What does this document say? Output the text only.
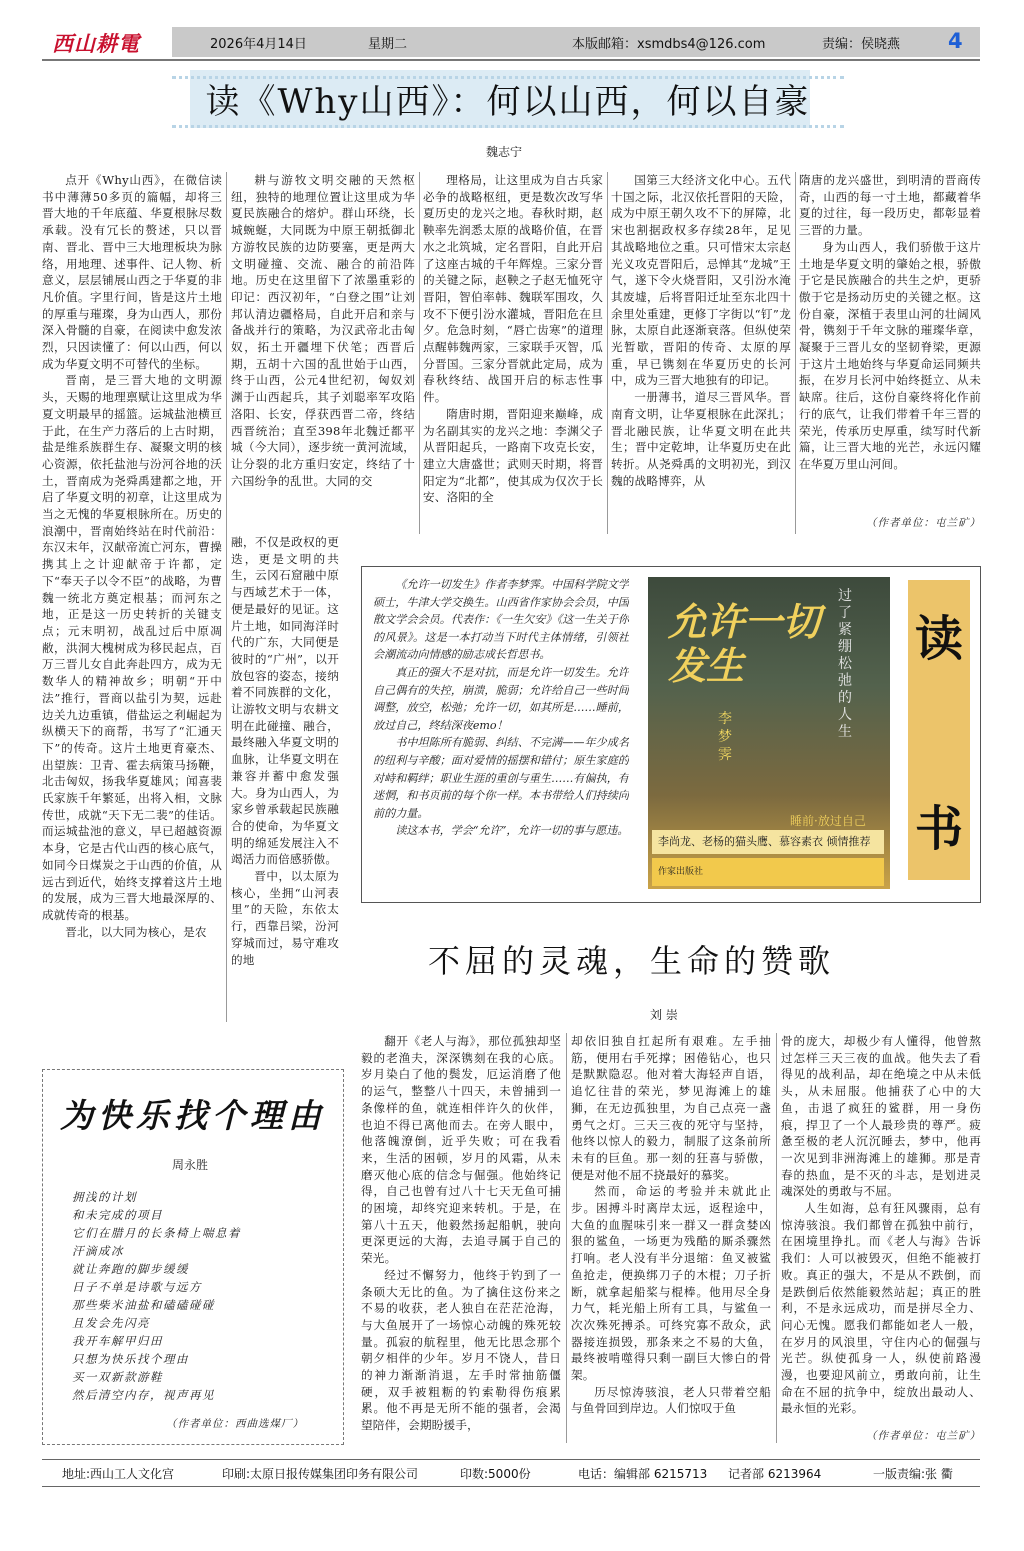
西山耕電	2026年4月14日	星期二	本版邮箱：xsmdbs4@126.com	责编：侯晓燕 4
读《Why山西》：何以山西，何以自豪
魏志宁

点开《Why山西》，在微信读书中薄薄50多页的篇幅，却将三晋大地的千年底蕴、华夏根脉尽数承载。没有冗长的赘述，只以晋南、晋北、晋中三大地理板块为脉络，用地理、述事件、记人物、析意义，层层铺展山西之于华夏的非凡价值。字里行间，皆是这片土地的厚重与璀璨，身为山西人，那份深入骨髓的自豪，在阅读中愈发浓烈，只因读懂了：何以山西，何以成为华夏文明不可替代的坐标。

晋南，是三晋大地的文明源头，天赐的地理禀赋让这里成为华夏文明最早的摇篮。运城盐池横亘于此，在生产力落后的上古时期，盐是维系族群生存、凝聚文明的核心资源，依托盐池与汾河谷地的沃土，晋南成为尧舜禹建都之地，开启了华夏文明的初章，让这里成为当之无愧的华夏根脉所在。历史的浪潮中，晋南始终站在时代前沿：东汉末年，汉献帝流亡河东，曹操携其上之计迎献帝于许都，定下“奉天子以令不臣”的战略，为曹魏一统北方奠定根基；而河东之地，正是这一历史转折的关键支点；元末明初，战乱过后中原凋敝，洪洞大槐树成为移民起点，百万三晋儿女自此奔赴四方，成为无数华人的精神故乡；明朝“开中法”推行，晋商以盐引为契，远赴边关九边重镇，借盐运之利崛起为纵横天下的商帮，书写了“汇通天下”的传奇。这片土地更育豪杰、出望族：卫青、霍去病策马扬鞭，北击匈奴，扬我华夏雄风；闻喜裴氏家族千年繁延，出将入相，文脉传世，成就“天下无二裴”的佳话。而运城盐池的意义，早已超越资源本身，它是古代山西的核心底气，如同今日煤炭之于山西的价值，从远古到近代，始终支撑着这片土地的发展，成为三晋大地最深厚的、成就传奇的根基。

晋北，以大同为核心，是农

耕与游牧文明交融的天然枢纽，独特的地理位置让这里成为华夏民族融合的熔炉。群山环绕，长城蜿蜒，大同既为中原王朝抵御北方游牧民族的边防要塞，更是两大文明碰撞、交流、融合的前沿阵地。历史在这里留下了浓墨重彩的印记：西汉初年，“白登之围”让刘邦认清边疆格局，自此开启和亲与备战并行的策略，为汉武帝北击匈奴，拓土开疆埋下伏笔；西晋后期，五胡十六国的乱世始于山西，终于山西，公元4世纪初，匈奴刘渊于山西起兵，其子刘聪率军攻陷洛阳、长安，俘获西晋二帝，终结西晋统治；直至398年北魏迁都平城（今大同），逐步统一黄河流域，让分裂的北方重归安定，终结了十六国纷争的乱世。大同的交

融，不仅是政权的更迭，更是文明的共生，云冈石窟融中原与西域艺术于一体，便是最好的见证。这片土地，如同海洋时代的广东，大同便是彼时的“广州”，以开放包容的姿态，接纳着不同族群的文化，让游牧文明与农耕文明在此碰撞、融合，最终融入华夏文明的血脉，让华夏文明在兼容并蓄中愈发强大。身为山西人，为家乡曾承载起民族融合的使命，为华夏文明的绵延发展注入不竭活力而倍感骄傲。

晋中，以太原为核心，坐拥“山河表里”的天险，东依太行，西靠吕梁，汾河穿城而过，易守难攻的地

理格局，让这里成为自古兵家必争的战略枢纽，更是数次改写华夏历史的龙兴之地。春秋时期，赵鞅率先润悉太原的战略价值，在晋水之北筑城，定名晋阳，自此开启了这座古城的千年辉煌。三家分晋的关键之际，赵鞅之子赵无恤死守晋阳，智伯率韩、魏联军围攻，久攻不下便引汾水灌城，晋阳危在旦夕。危急时刻，“唇亡齿寒”的道理点醒韩魏两家，三家联手灭智，瓜分晋国。三家分晋就此定局，成为春秋终结、战国开启的标志性事件。

隋唐时期，晋阳迎来巅峰，成为名副其实的龙兴之地：李渊父子从晋阳起兵，一路南下攻克长安，建立大唐盛世；武则天时期，将晋阳定为“北都”，使其成为仅次于长安、洛阳的全

国第三大经济文化中心。五代十国之际，北汉依托晋阳的天险，成为中原王朝久攻不下的屏障，北宋也割据政权多存续28年，足见其战略地位之重。只可惜宋太宗赵光义攻克晋阳后，忌惮其“龙城”王气，遂下令火烧晋阳，又引汾水淹其废墟，后将晋阳迁址至东北四十余里处重建，更修丁字街以“钉”龙脉，太原自此逐渐衰落。但纵使荣光暂歇，晋阳的传奇、太原的厚重，早已镌刻在华夏历史的长河中，成为三晋大地独有的印记。

一册薄书，道尽三晋风华。晋南育文明，让华夏根脉在此深扎；晋北融民族，让华夏文明在此共生；晋中定乾坤，让华夏历史在此转折。从尧舜禹的文明初光，到汉魏的战略博弈，从

隋唐的龙兴盛世，到明清的晋商传奇，山西的每一寸土地，都藏着华夏的过往，每一段历史，都彰显着三晋的力量。

身为山西人，我们骄傲于这片土地是华夏文明的肇始之根，骄傲于它是民族融合的共生之炉，更骄傲于它是扬动历史的关键之枢。这份自豪，深植于表里山河的壮阔风骨，镌刻于千年文脉的璀璨华章，凝聚于三晋儿女的坚韧脊梁，更源于这片土地始终与华夏命运同频共振，在岁月长河中始终挺立、从未缺席。往后，这份自豪终将化作前行的底气，让我们带着千年三晋的荣光，传承历史厚重，续写时代新篇，让三晋大地的光芒，永远闪耀在华夏万里山河间。

（作者单位：屯兰矿）

《允许一切发生》作者李梦霁。中国科学院文学硕士，牛津大学交换生。山西省作家协会会员，中国散文学会会员。代表作：《一生欠安》《这一生关于你的风景》。这是一本打动当下时代主体情绪，引领社会潮流动向情感的励志成长哲思书。

真正的强大不是对抗，而是允许一切发生。允许自己偶有的失控，崩溃，脆弱；允许给自己一些时间调整，放空，松弛；允许一切，如其所是……睡前，放过自己，终结深夜emo！

书中坦陈所有脆弱、纠结、不完满——年少成名的纽利与辛酸；面对爱情的摇摆和错付；原生家庭的对峙和羁绊；职业生涯的重创与重生……有偏执，有迷惘，和书页前的每个你一样。本书带给人们持续向前的力量。

读这本书，学会“允许”，允许一切的事与愿违。

允许一切发生
过了紧绷松弛的人生
李梦霁
睡前·放过自己
李尚龙、老杨的猫头鹰、慕容素衣 倾情推荐
作家出版社
读
书
不屈的灵魂，生命的赞歌
刘 崇

翻开《老人与海》，那位孤独却坚毅的老渔夫，深深镌刻在我的心底。岁月染白了他的鬓发，厄运消磨了他的运气，整整八十四天，未曾捕到一条像样的鱼，就连相伴许久的伙伴，也迫不得已离他而去。在旁人眼中，他落魄潦倒，近乎失败；可在我看来，生活的困顿，岁月的风霜，从未磨灭他心底的信念与倔强。他始终记得，自己也曾有过八十七天无鱼可捕的困境，却终究迎来转机。于是，在第八十五天，他毅然扬起船帆，驶向更深更远的大海，去追寻属于自己的荣光。

经过不懈努力，他终于钓到了一条硕大无比的鱼。为了擒住这份来之不易的收获，老人独自在茫茫沧海，与大鱼展开了一场惊心动魄的殊死较量。孤寂的航程里，他无比思念那个朝夕相伴的少年。岁月不饶人，昔日的神力渐渐消退，左手时常抽筋僵硬，双手被粗粝的钓索勒得伤痕累累。他不再是无所不能的强者，会渴望陪伴，会期盼援手，

却依旧独自扛起所有艰难。左手抽筋，便用右手死撑；困倦钻心，也只是默默隐忍。他对着大海轻声自语，追忆往昔的荣光，梦见海滩上的雄狮，在无边孤独里，为自己点亮一盏勇气之灯。三天三夜的死守与坚持，他终以惊人的毅力，制服了这条前所未有的巨鱼。那一刻的狂喜与骄傲，便是对他不屈不挠最好的慕奖。

然而，命运的考验并未就此止步。困搏斗时离岸太远，返程途中，大鱼的血腥味引来一群又一群贪婪凶狠的鲨鱼，一场更为残酷的厮杀骤然打响。老人没有半分退缩：鱼叉被鲨鱼抢走，便换绑刀子的木棍；刀子折断，就拿起船桨与棍棒。他用尽全身力气，耗光船上所有工具，与鲨鱼一次次殊死搏杀。可终究寡不敌众，武器接连损毁，那条来之不易的大鱼，最终被啃噬得只剩一副巨大惨白的骨架。

历尽惊涛骇浪，老人只带着空船与鱼骨回到岸边。人们惊叹于鱼

骨的庞大，却极少有人懂得，他曾熬过怎样三天三夜的血战。他失去了看得见的战利品，却在绝境之中从未低头，从未屈服。他捕获了心中的大鱼，击退了疯狂的鲨群，用一身伤痕，捍卫了一个人最珍贵的尊严。疲惫至极的老人沉沉睡去，梦中，他再一次见到非洲海滩上的雄狮。那是青春的热血，是不灭的斗志，是划进灵魂深处的勇敢与不屈。

人生如海，总有狂风骤雨，总有惊涛骇浪。我们都曾在孤独中前行，在困境里挣扎。而《老人与海》告诉我们：人可以被毁灭，但绝不能被打败。真正的强大，不是从不跌倒，而是跌倒后依然能毅然站起；真正的胜利，不是永远成功，而是拼尽全力、问心无愧。愿我们都能如老人一般，在岁月的风浪里，守住内心的倔强与光芒。纵使孤身一人，纵使前路漫漫，也要迎风前立，勇敢向前，让生命在不屈的抗争中，绽放出最动人、最永恒的光彩。

（作者单位：屯兰矿）
为快乐找个理由
周永胜
拥浅的计划
和未完成的项目
它们在腊月的长条椅上喘息着
汗滴成冰
就让奔跑的脚步缓缓
日子不单是诗歌与远方
那些柴米油盐和磕磕碰碰
且发会先闪亮
我开车解甲归田
只想为快乐找个理由
买一双新款游鞋
然后清空内存，视声再见
（作者单位：西曲选煤厂）
地址:西山工人文化宫	印刷:太原日报传媒集团印务有限公司	印数:5000份	电话：编辑部 6215713 记者部 6213964	一版责编:张 衢
